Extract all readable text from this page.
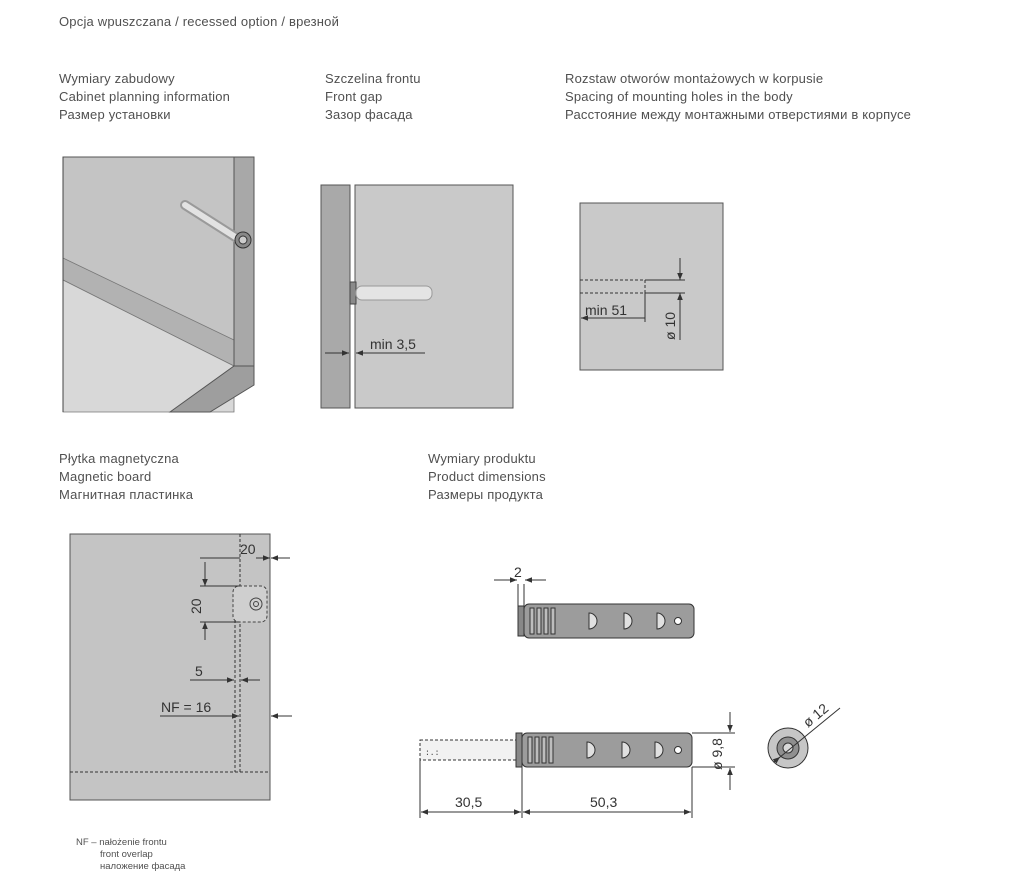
Opcja wpuszczana / recessed option / врезной
Wymiary zabudowy
Cabinet planning information
Размер установки
Szczelina frontu
Front gap
Зазор фасада
Rozstaw otworów montażowych w korpusie
Spacing of mounting holes in the body
Расстояние между монтажными отверстиями в корпусе
Płytka magnetyczna
Magnetic board
Магнитная пластинка
Wymiary produktu
Product dimensions
Размеры продукта
NF – nałożenie frontu
front overlap
наложение фасада
min 3,5
min 51
ø 10
20
20
5
NF = 16
2
:.:	ø 9,8
30,5	50,3
ø 12
